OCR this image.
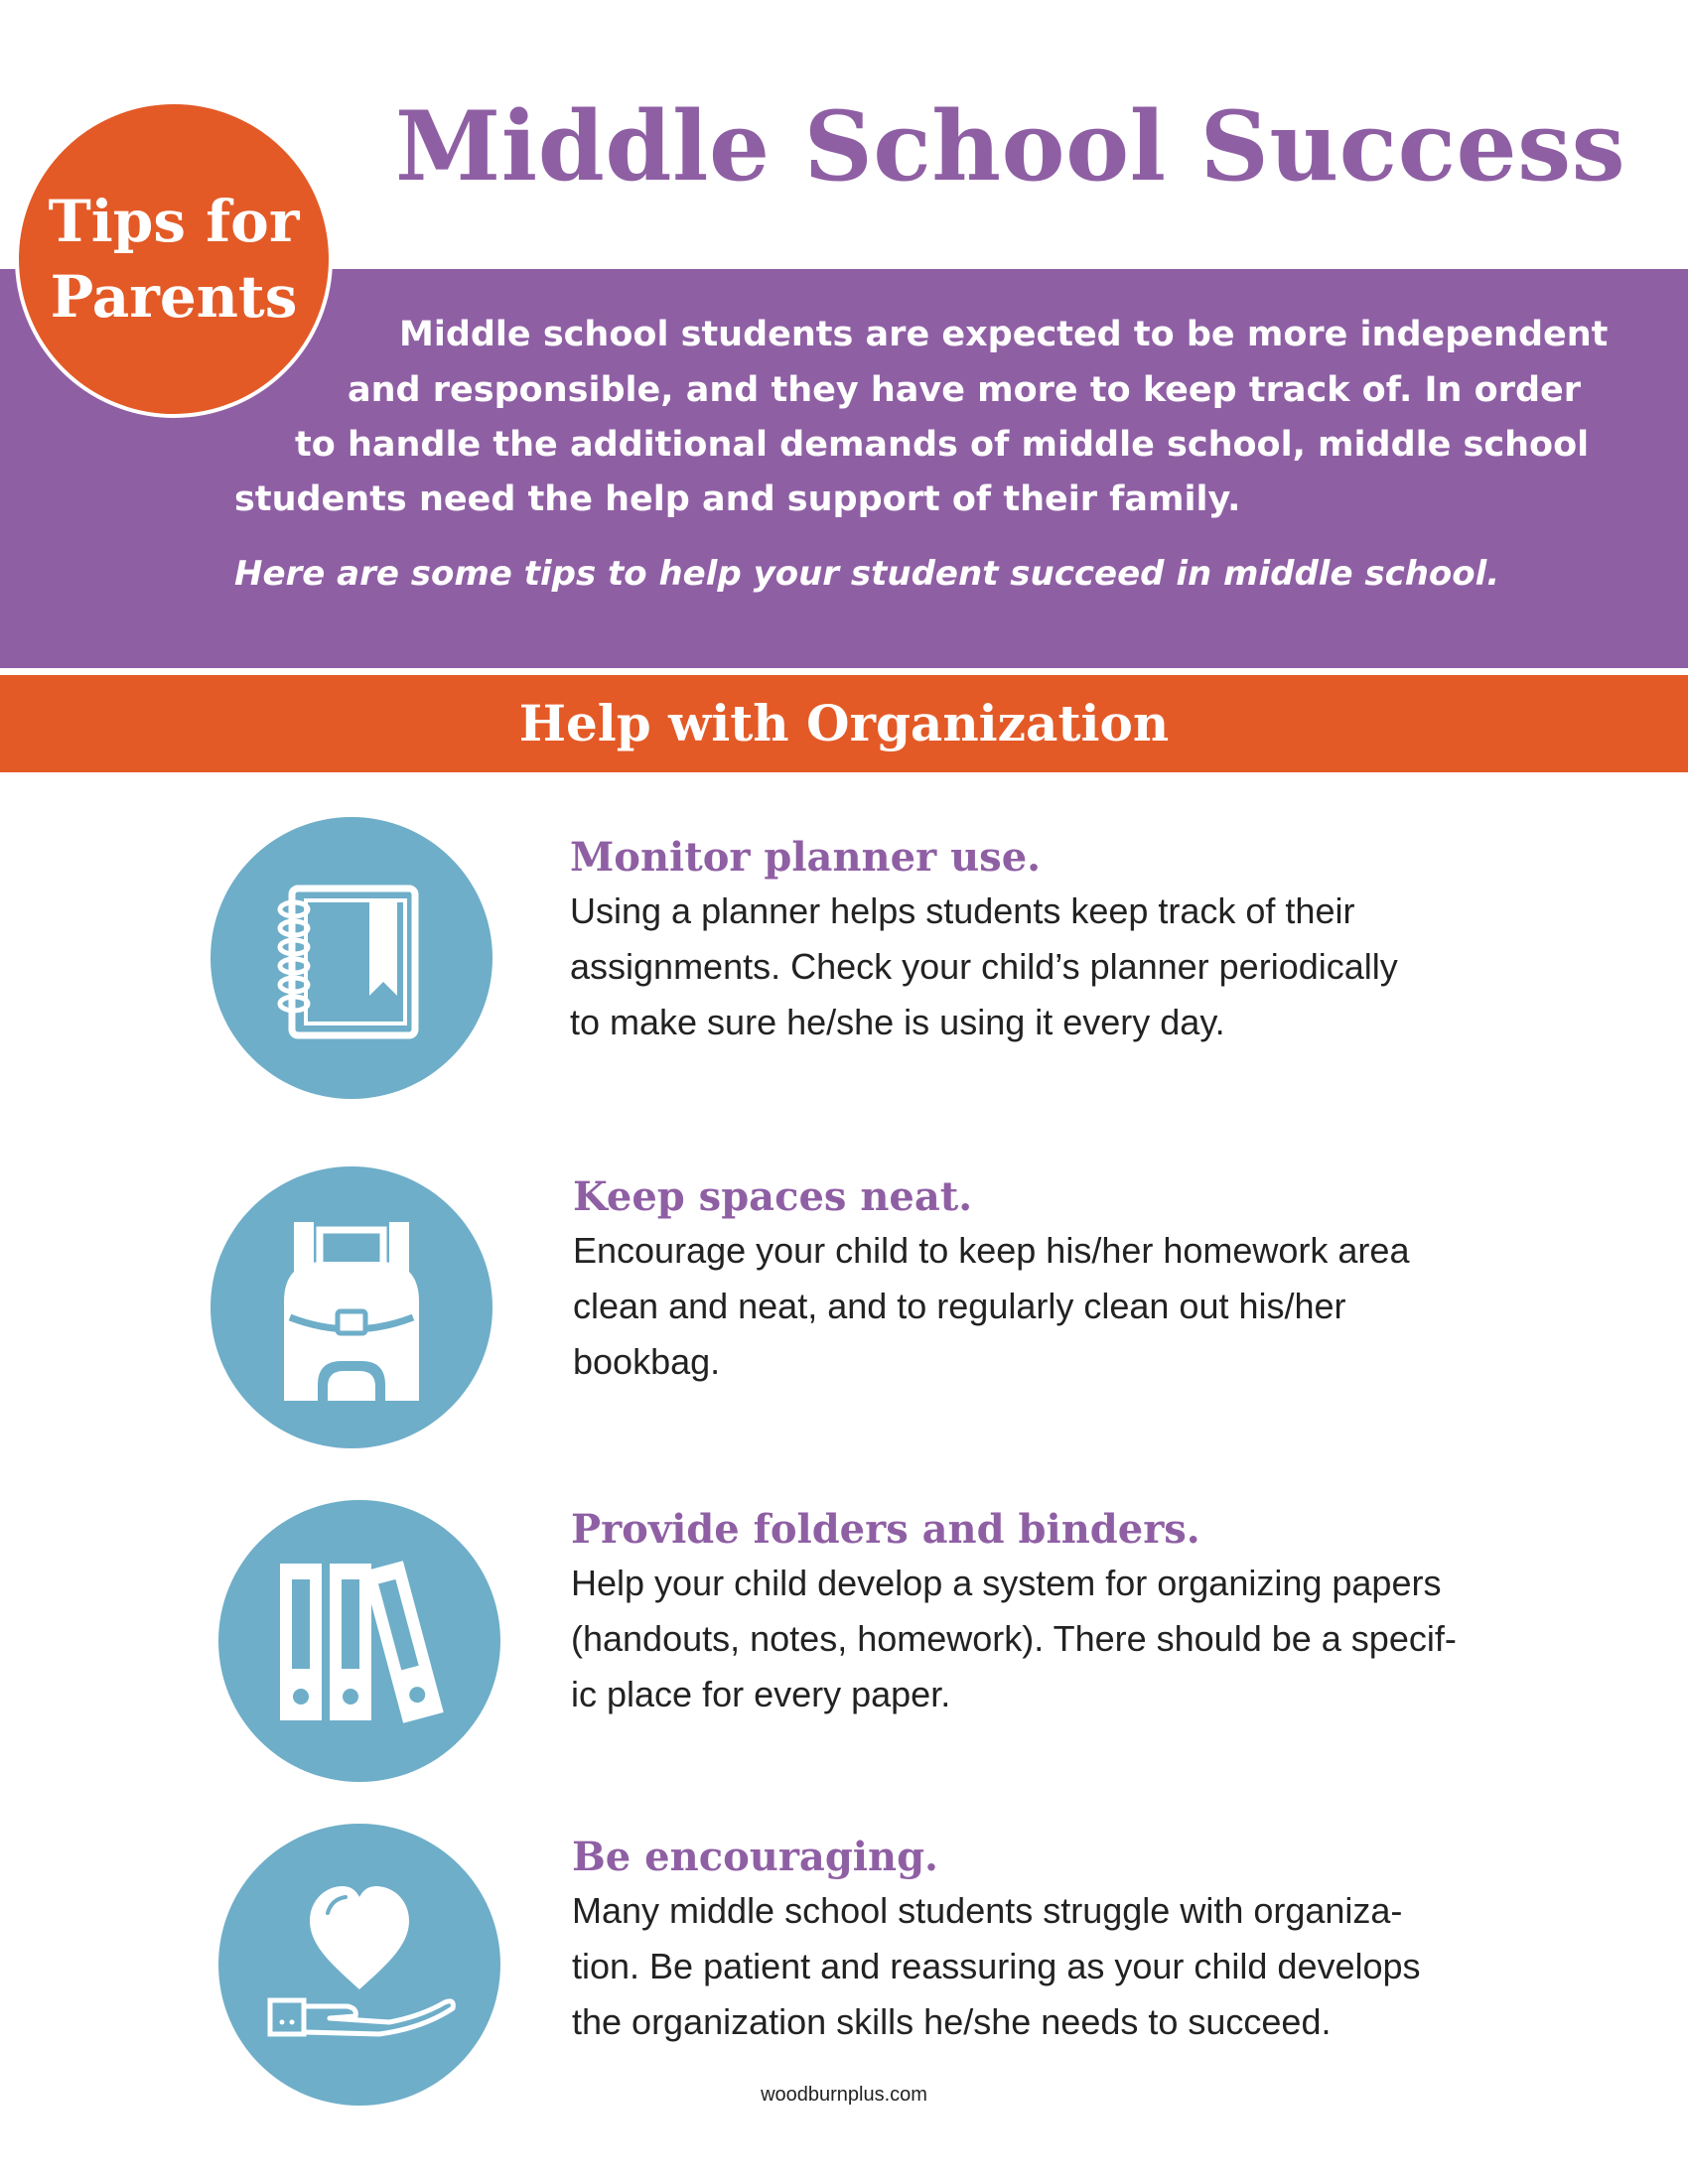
Middle School Success

Middle school students are expected to be more independent

and responsible, and they have more to keep track of. In order

to handle the additional demands of middle school, middle school

students need the help and support of their family.

Here are some tips to help your student succeed in middle school.

Tips for
Parents
Help with Organization
Monitor planner use.

Using a planner helps students keep track of their
assignments. Check your child’s planner periodically
to make sure he/she is using it every day.

Keep spaces neat.

Encourage your child to keep his/her homework area
clean and neat, and to regularly clean out his/her
bookbag.

Provide folders and binders.

Help your child develop a system for organizing papers
(handouts, notes, homework). There should be a specif-
ic place for every paper.

Be encouraging.

Many middle school students struggle with organiza-
tion. Be patient and reassuring as your child develops
the organization skills he/she needs to succeed.

woodburnplus.com
